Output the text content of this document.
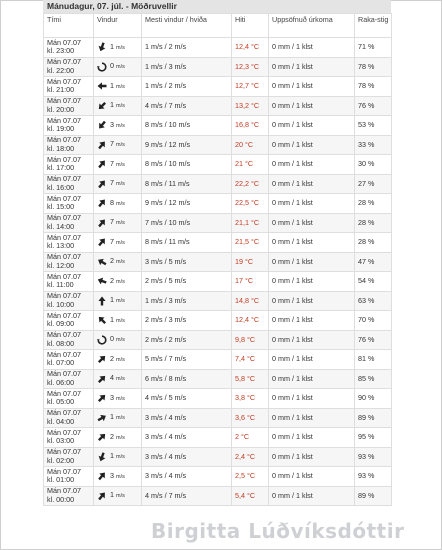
Mánudagur, 07. júl. - Möðruvellir
Tími	Vindur	Mesti vindur / hviða	Hiti	Uppsöfnuð úrkoma	Raka-stig

Mán 07.07
kl. 23:00	1 m/s	1 m/s / 2 m/s	12,4 °C	0 mm / 1 klst	71 %

Mán 07.07
kl. 22:00	0 m/s	1 m/s / 3 m/s	12,3 °C	0 mm / 1 klst	78 %

Mán 07.07
kl. 21:00	1 m/s	1 m/s / 2 m/s	12,7 °C	0 mm / 1 klst	78 %

Mán 07.07
kl. 20:00	1 m/s	4 m/s / 7 m/s	13,2 °C	0 mm / 1 klst	76 %

Mán 07.07
kl. 19:00	3 m/s	8 m/s / 10 m/s	16,8 °C	0 mm / 1 klst	53 %

Mán 07.07
kl. 18:00	7 m/s	9 m/s / 12 m/s	20 °C	0 mm / 1 klst	33 %

Mán 07.07
kl. 17:00	7 m/s	8 m/s / 10 m/s	21 °C	0 mm / 1 klst	30 %

Mán 07.07
kl. 16:00	7 m/s	8 m/s / 11 m/s	22,2 °C	0 mm / 1 klst	27 %

Mán 07.07
kl. 15:00	8 m/s	9 m/s / 12 m/s	22,5 °C	0 mm / 1 klst	28 %

Mán 07.07
kl. 14:00	7 m/s	7 m/s / 10 m/s	21,1 °C	0 mm / 1 klst	28 %

Mán 07.07
kl. 13:00	7 m/s	8 m/s / 11 m/s	21,5 °C	0 mm / 1 klst	28 %

Mán 07.07
kl. 12:00	2 m/s	3 m/s / 5 m/s	19 °C	0 mm / 1 klst	47 %

Mán 07.07
kl. 11:00	2 m/s	2 m/s / 5 m/s	17 °C	0 mm / 1 klst	54 %

Mán 07.07
kl. 10:00	1 m/s	1 m/s / 3 m/s	14,8 °C	0 mm / 1 klst	63 %

Mán 07.07
kl. 09:00	1 m/s	2 m/s / 3 m/s	12,4 °C	0 mm / 1 klst	70 %

Mán 07.07
kl. 08:00	0 m/s	2 m/s / 2 m/s	9,8 °C	0 mm / 1 klst	76 %

Mán 07.07
kl. 07:00	2 m/s	5 m/s / 7 m/s	7,4 °C	0 mm / 1 klst	81 %

Mán 07.07
kl. 06:00	4 m/s	6 m/s / 8 m/s	5,8 °C	0 mm / 1 klst	85 %

Mán 07.07
kl. 05:00	3 m/s	4 m/s / 5 m/s	3,8 °C	0 mm / 1 klst	90 %

Mán 07.07
kl. 04:00	1 m/s	3 m/s / 4 m/s	3,6 °C	0 mm / 1 klst	89 %

Mán 07.07
kl. 03:00	2 m/s	3 m/s / 4 m/s	2 °C	0 mm / 1 klst	95 %

Mán 07.07
kl. 02:00	1 m/s	3 m/s / 4 m/s	2,4 °C	0 mm / 1 klst	93 %

Mán 07.07
kl. 01:00	3 m/s	3 m/s / 4 m/s	2,5 °C	0 mm / 1 klst	93 %

Mán 07.07
kl. 00:00	1 m/s	4 m/s / 7 m/s	5,4 °C	0 mm / 1 klst	89 %
Birgitta Lúðvíksdóttir
